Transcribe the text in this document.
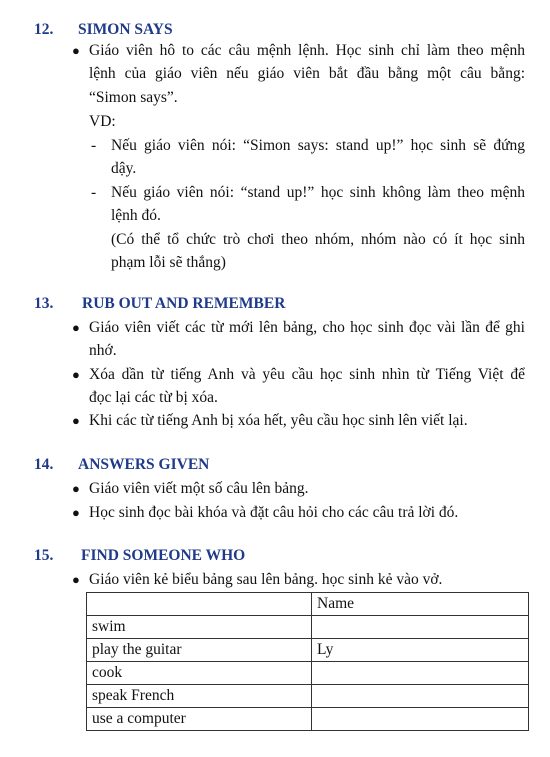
12. SIMON SAYS
● Giáo viên hô to các câu mệnh lệnh. Học sinh chỉ làm theo mệnh
lệnh của giáo viên nếu giáo viên bắt đầu bằng một câu bằng:
“Simon says”.
VD:
- Nếu giáo viên nói: “Simon says: stand up!” học sinh sẽ đứng
dậy.
- Nếu giáo viên nói: “stand up!” học sinh không làm theo mệnh
lệnh đó.
(Có thể tổ chức trò chơi theo nhóm, nhóm nào có ít học sinh
phạm lỗi sẽ thắng)
13. RUB OUT AND REMEMBER
● Giáo viên viết các từ mới lên bảng, cho học sinh đọc vài lần để ghi
nhớ.
● Xóa dần từ tiếng Anh và yêu cầu học sinh nhìn từ Tiếng Việt để
đọc lại các từ bị xóa.
● Khi các từ tiếng Anh bị xóa hết, yêu cầu học sinh lên viết lại.
14. ANSWERS GIVEN
● Giáo viên viết một số câu lên bảng.
● Học sinh đọc bài khóa và đặt câu hỏi cho các câu trả lời đó.
15. FIND SOMEONE WHO
● Giáo viên kẻ biểu bảng sau lên bảng. học sinh kẻ vào vở.
	Name
swim	
play the guitar	Ly
cook	
speak French	
use a computer	
